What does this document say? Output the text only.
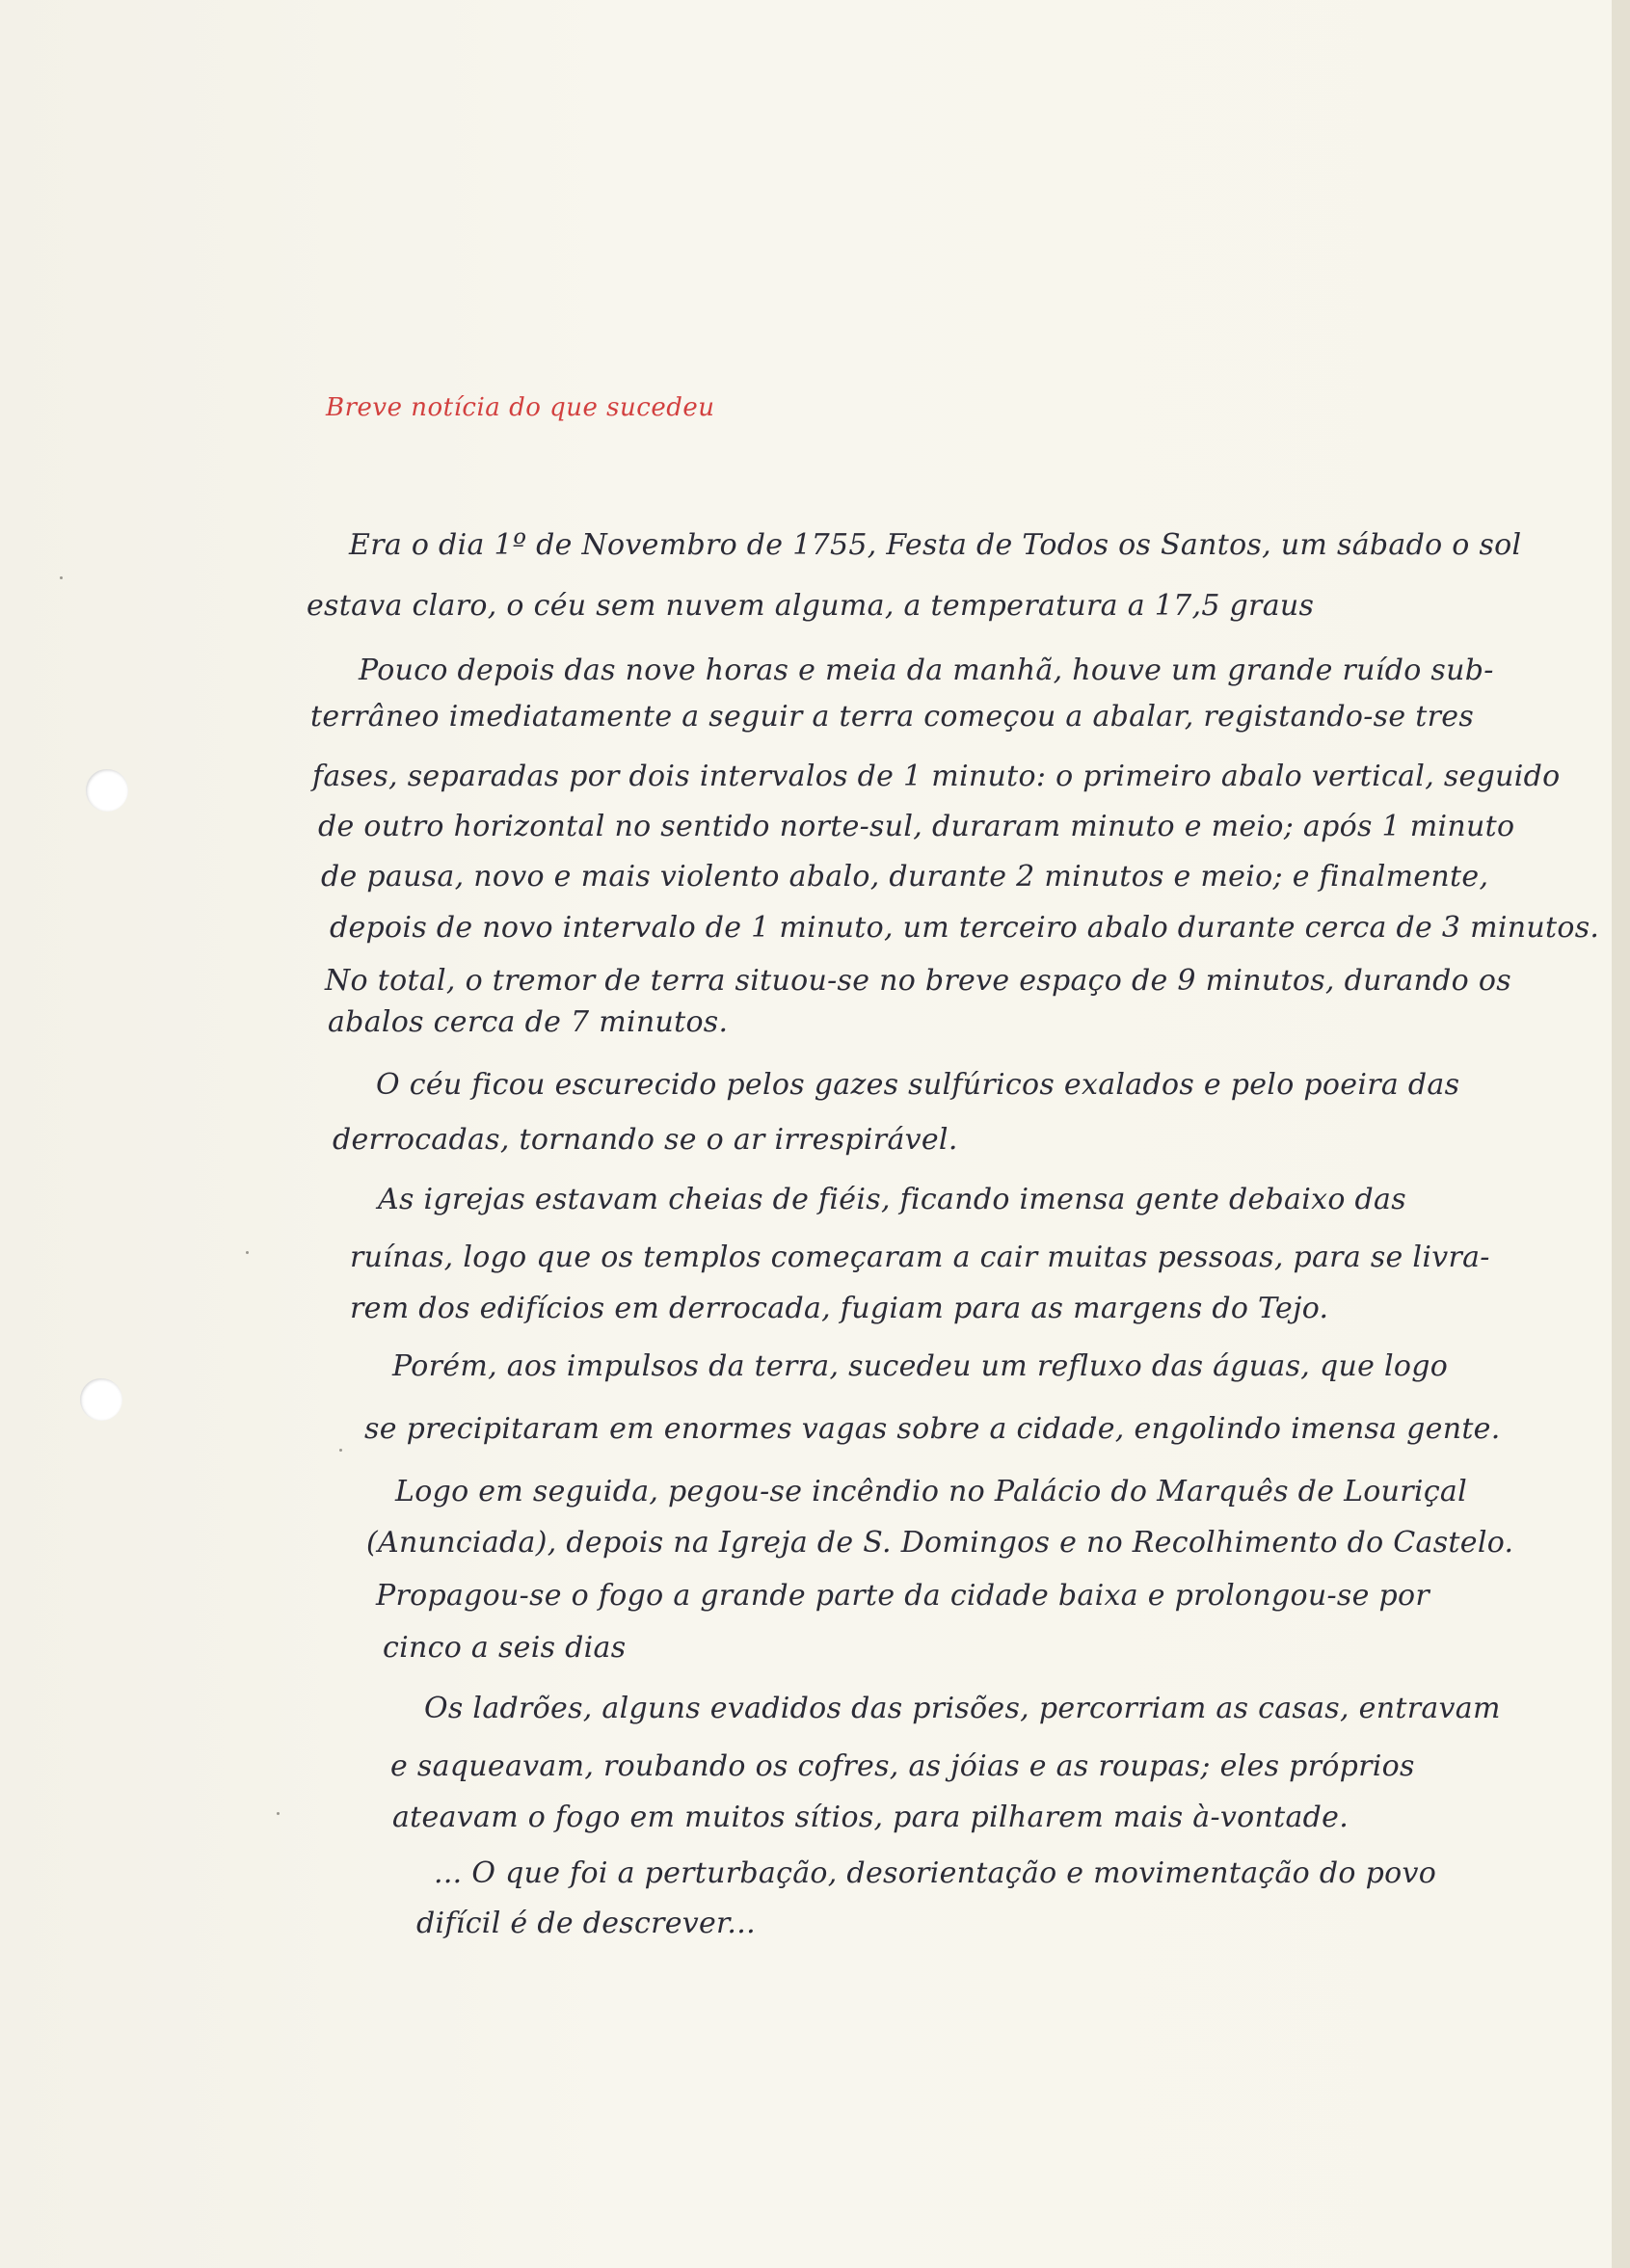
Breve notícia do que sucedeu
Era o dia 1º de Novembro de 1755, Festa de Todos os Santos, um sábado o sol
estava claro, o céu sem nuvem alguma, a temperatura a 17,5 graus
Pouco depois das nove horas e meia da manhã, houve um grande ruído sub-
terrâneo imediatamente a seguir a terra começou a abalar, registando-se tres
fases, separadas por dois intervalos de 1 minuto: o primeiro abalo vertical, seguido
de outro horizontal no sentido norte-sul, duraram minuto e meio; após 1 minuto
de pausa, novo e mais violento abalo, durante 2 minutos e meio; e finalmente,
depois de novo intervalo de 1 minuto, um terceiro abalo durante cerca de 3 minutos.
No total, o tremor de terra situou-se no breve espaço de 9 minutos, durando os
abalos cerca de 7 minutos.
O céu ficou escurecido pelos gazes sulfúricos exalados e pelo poeira das
derrocadas, tornando se o ar irrespirável.
As igrejas estavam cheias de fiéis, ficando imensa gente debaixo das
ruínas, logo que os templos começaram a cair muitas pessoas, para se livra-
rem dos edifícios em derrocada, fugiam para as margens do Tejo.
Porém, aos impulsos da terra, sucedeu um refluxo das águas, que logo
se precipitaram em enormes vagas sobre a cidade, engolindo imensa gente.
Logo em seguida, pegou-se incêndio no Palácio do Marquês de Louriçal
(Anunciada), depois na Igreja de S. Domingos e no Recolhimento do Castelo.
Propagou-se o fogo a grande parte da cidade baixa e prolongou-se por
cinco a seis dias
Os ladrões, alguns evadidos das prisões, percorriam as casas, entravam
e saqueavam, roubando os cofres, as jóias e as roupas; eles próprios
ateavam o fogo em muitos sítios, para pilharem mais à-vontade.
... O que foi a perturbação, desorientação e movimentação do povo
difícil é de descrever...
